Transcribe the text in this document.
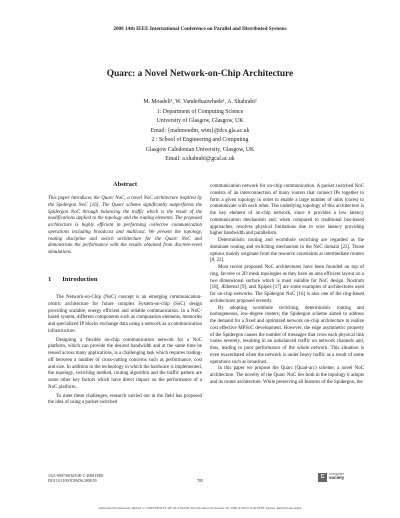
2008 14th IEEE International Conference on Parallel and Distributed Systems
Quarc: a Novel Network-on-Chip Architecture
M. Moadeli¹, W. Vanderbauwhede¹, A. Shahrabi²
1: Department of Computing Science
University of Glasgow, Glasgow, UK
Email: {mahmoudm, wim}@dcs.gla.ac.uk
2 : School of Engineering and Computing
Glasgow Caledonian University, Glasgow, UK
Email: a.shahrabi@gcal.ac.uk
Abstract
This paper introduces the Quarc NoC, a novel NoC architecture inspired by the Spidergon NoC [16]. The Quarc scheme significantly outperforms the Spidergon NoC through balancing the traffic which is the result of the modifications applied to the topology and the routing elements. The proposed architecture is highly efficient in performing collective communication operations including broadcast and multicast. We present the topology, routing discipline and switch architecture for the Quarc NoC and demonstrate the performance with the results obtained from discrete-event simulations.
1 Introduction

The Network-on-Chip (NoC) concept is an emerging communication-centric architecture for future complex System-on-chip (SoC) design providing scalable, energy efficient and reliable communication. In a NoC-based system, different components such as computation elements, memories and specialized IP blocks exchange data using a network as a communication infrastructure.

Designing a flexible on-chip communication network for a NoC platform, which can provide the desired bandwidth and at the same time be reused across many applications, is a challenging task which requires trading-off between a number of cross-cutting concerns such as performance, cost and size. In addition to the technology in which the hardware is implemented, the topology, switching method, routing algorithm and the traffic pattern are some other key factors which have direct impact on the performance of a NoC platform.

To meet these challenges, research carried out in the field has proposed the idea of using a packet switched

communication network for on-chip communication. A packet switched NoC consists of an interconnection of many routers that connect IPs together to form a given topology in order to enable a large number of units (cores) to communicate with each other. The underlying topology of this architecture is the key element of on-chip network, since it provides a low latency communication mechanism and, when compared to traditional bus-based approaches, resolves physical limitations due to wire latency providing higher bandwidth and parallelism.

Deterministic routing and wormhole switching are regarded as the dominant routing and switching mechanism in the NoC domain [22]. Those options mainly originate from the resource constraints at intermediate routers [8, 22].

Most recent proposed NoC architectures have been founded on top of ring, fat-tree or 2D mesh topologies as they have an area efficient layout on a two dimensional surface which is most suitable for NoC design. Nostrum [18], Æthereal [9], and Xpipes [17] are some examples of architectures used for on-chip networks. The Spidergon NoC [16] is also one of the ring-based architectures proposed recently.

By adopting wormhole switching, deterministic routing and homogeneous, low-degree routers; the Spidergon scheme aimed to address the demand for a fixed and optimized network on-chip architecture to realize cost effective MPSoC development. However, the edge asymmetric property of the Spidergon causes the number of messages that cross each physical link varies severely, resulting in an unbalanced traffic on network channels and, thus, leading to poor performance of the whole network. This situation is even exacerbated when the network is under heavy traffic as a result of some operations such as broadcast.

In this paper we propose the Quarc (Quad-arc) scheme; a novel NoC architecture. The novelty of the Quarc NoC lies both in the topology it adopts and its router architecture. While preserving all features of the Spidergon, the

1521-9097/08 $25.00 © 2008 IEEE
DOI 10.1109/ICPADS.2008.59	705
C	computer
society
Authorized licensed use limited to: UNIVERSITY OF GLASGOW. Downloaded on October 26, 2009 at 09:22 from IEEE Xplore. Restrictions apply.
